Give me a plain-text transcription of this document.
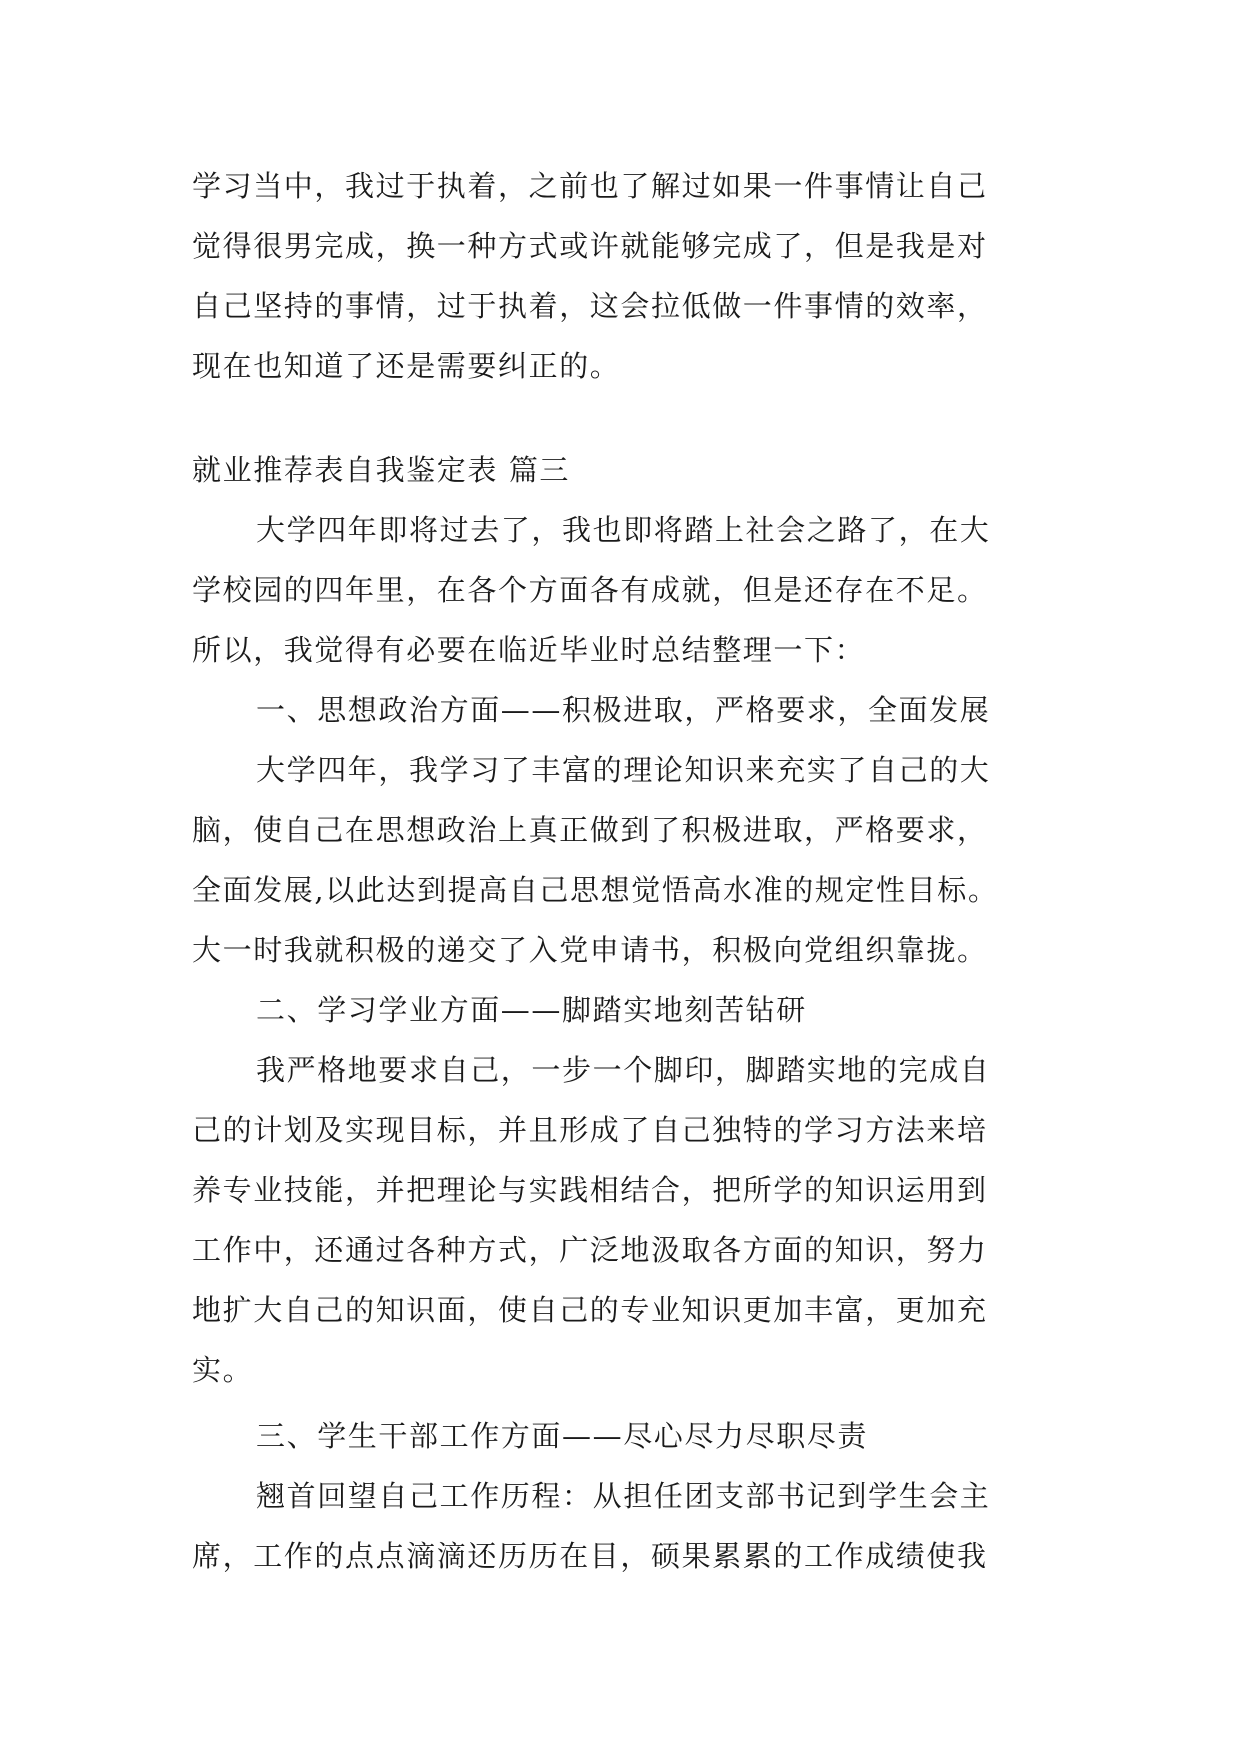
学习当中，我过于执着，之前也了解过如果一件事情让自己
觉得很男完成，换一种方式或许就能够完成了，但是我是对
自己坚持的事情，过于执着，这会拉低做一件事情的效率，
现在也知道了还是需要纠正的。
就业推荐表自我鉴定表 篇三
大学四年即将过去了，我也即将踏上社会之路了，在大
学校园的四年里，在各个方面各有成就，但是还存在不足。
所以，我觉得有必要在临近毕业时总结整理一下：
一、思想政治方面——积极进取，严格要求，全面发展
大学四年，我学习了丰富的理论知识来充实了自己的大
脑，使自己在思想政治上真正做到了积极进取，严格要求，
全面发展,以此达到提高自己思想觉悟高水准的规定性目标。
大一时我就积极的递交了入党申请书，积极向党组织靠拢。
二、学习学业方面——脚踏实地刻苦钻研
我严格地要求自己，一步一个脚印，脚踏实地的完成自
己的计划及实现目标，并且形成了自己独特的学习方法来培
养专业技能，并把理论与实践相结合，把所学的知识运用到
工作中，还通过各种方式，广泛地汲取各方面的知识，努力
地扩大自己的知识面，使自己的专业知识更加丰富，更加充
实。
三、学生干部工作方面——尽心尽力尽职尽责
翘首回望自己工作历程：从担任团支部书记到学生会主
席，工作的点点滴滴还历历在目，硕果累累的工作成绩使我
